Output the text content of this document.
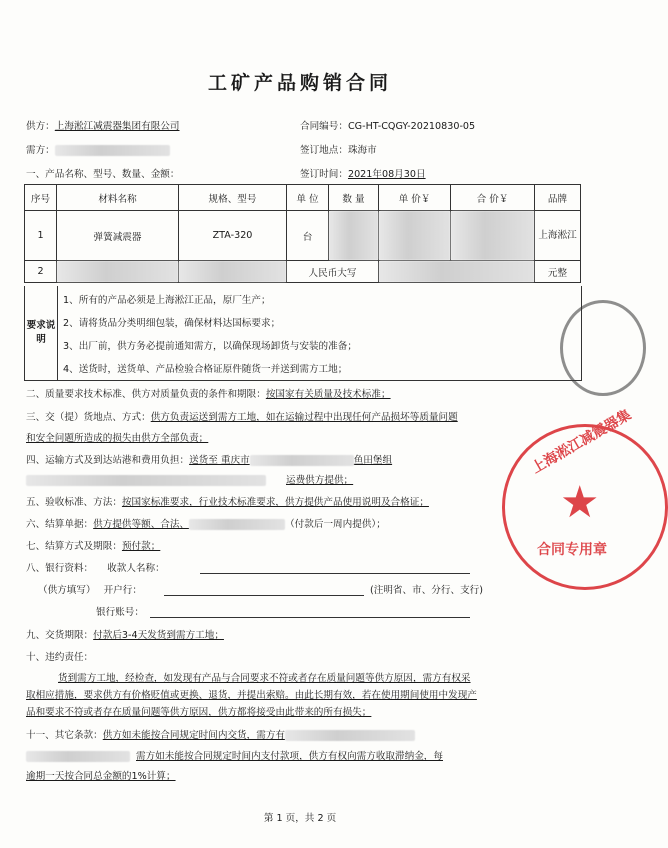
工矿产品购销合同
供方：上海淞江减震器集团有限公司	合同编号：CG-HT-CQGY-20210830-05
需方：	签订地点：珠海市
一、产品名称、型号、数量、金额：	签订时间：2021年08月30日
序号	材料名称	规格、型号	单 位	数 量	单 价￥	合 价￥	品牌
1	弹簧减震器	ZTA-320	台				上海淞江
2			人民币大写				元整
要求说明
1、所有的产品必须是上海淞江正品，原厂生产；
2、请将货品分类明细包装，确保材料达国标要求；
3、出厂前，供方务必提前通知需方，以确保现场卸货与安装的准备；
4、送货时，送货单、产品检验合格证原件随货一并送到需方工地；
二、质量要求技术标准、供方对质量负责的条件和期限：按国家有关质量及技术标准；
三、交（提）货地点、方式：供方负责运送到需方工地，如在运输过程中出现任何产品损坏等质量问题
和安全问题所造成的损失由供方全部负责；
四、运输方式及到达站港和费用负担：送货至 重庆市	鱼田堡组
运费供方提供；
五、验收标准、方法：按国家标准要求，行业技术标准要求，供方提供产品使用说明及合格证；
六、结算单据：供方提供等额、合法、	（付款后一周内提供）；
七、结算方式及期限：预付款；
八、银行资料： 收款人名称：
（供方填写） 开户行：	(注明省、市、分行、支行)
银行账号：
九、交货期限：付款后3-4天发货到需方工地；
十、违约责任：
货到需方工地，经检查，如发现有产品与合同要求不符或者存在质量问题等供方原因，需方有权采
取相应措施，要求供方有价格贬值或更换、退货，并提出索赔。由此长期有效，若在使用期间使用中发现产
品和要求不符或者存在质量问题等供方原因，供方都将接受由此带来的所有损失；
十一、其它条款：供方如未能按合同规定时间内交货，需方有
需方如未能按合同规定时间内支付款项，供方有权向需方收取滞纳金，每
逾期一天按合同总金额的1%计算；
第 1 页，共 2 页
★
上海淞江减震器集
合同专用章
